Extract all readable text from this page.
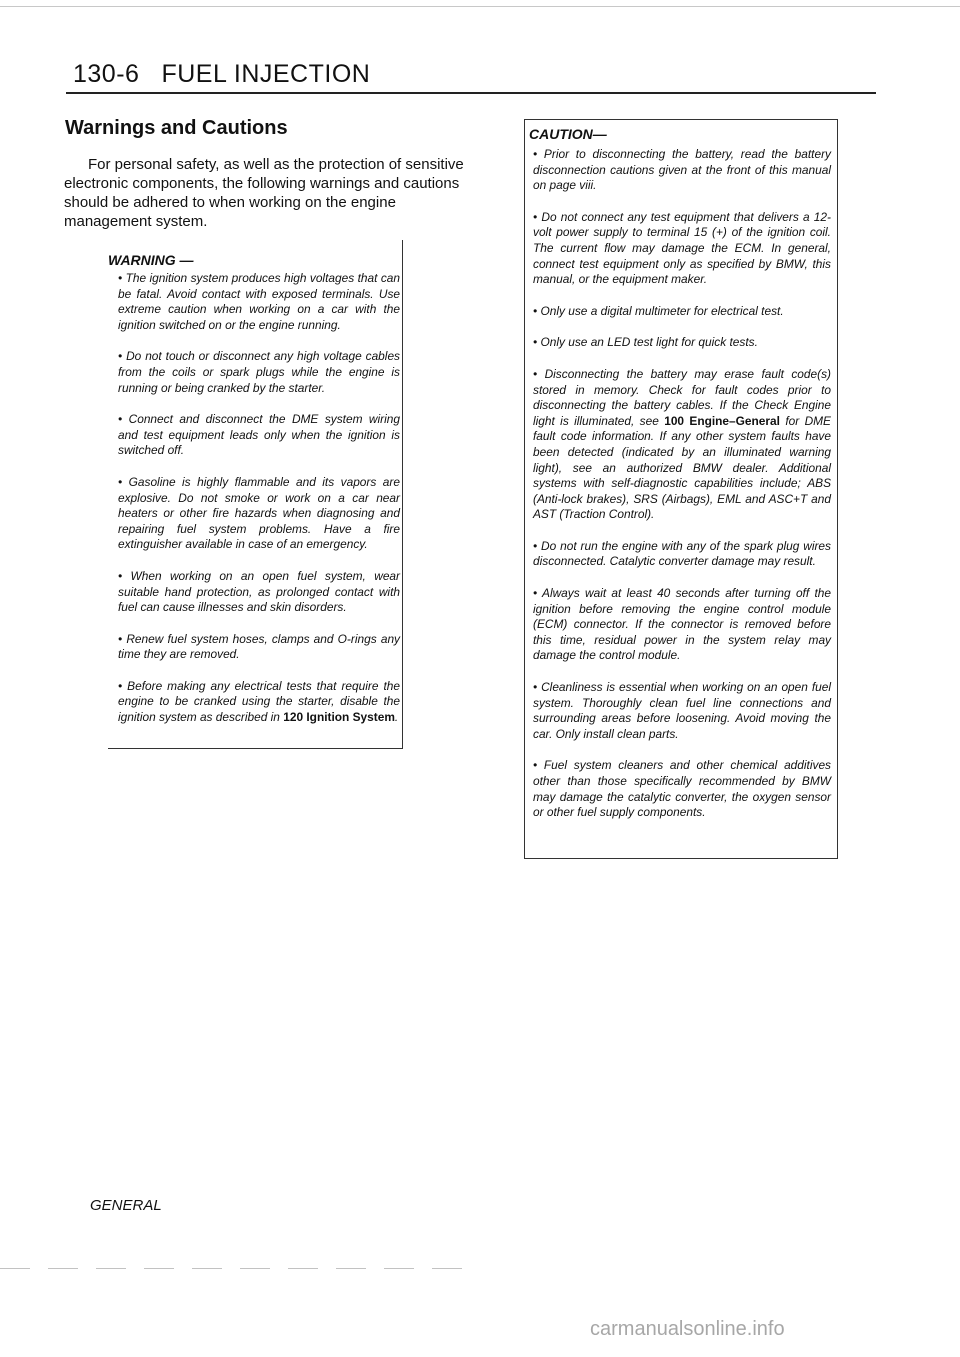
130-6 FUEL INJECTION
Warnings and Cautions
For personal safety, as well as the protection of sensitive electronic components, the following warnings and cautions should be adhered to when working on the engine management system.
WARNING —
• The ignition system produces high voltages that can be fatal. Avoid contact with exposed terminals. Use extreme caution when working on a car with the ignition switched on or the engine running.
• Do not touch or disconnect any high voltage cables from the coils or spark plugs while the engine is running or being cranked by the starter.
• Connect and disconnect the DME system wiring and test equipment leads only when the ignition is switched off.
• Gasoline is highly flammable and its vapors are explosive. Do not smoke or work on a car near heaters or other fire hazards when diagnosing and repairing fuel system problems. Have a fire extinguisher available in case of an emergency.
• When working on an open fuel system, wear suitable hand protection, as prolonged contact with fuel can cause illnesses and skin disorders.
• Renew fuel system hoses, clamps and O-rings any time they are removed.
• Before making any electrical tests that require the engine to be cranked using the starter, disable the ignition system as described in 120 Ignition System.
CAUTION—
• Prior to disconnecting the battery, read the battery disconnection cautions given at the front of this manual on page viii.
• Do not connect any test equipment that delivers a 12-volt power supply to terminal 15 (+) of the ignition coil. The current flow may damage the ECM. In general, connect test equipment only as specified by BMW, this manual, or the equipment maker.
• Only use a digital multimeter for electrical test.
• Only use an LED test light for quick tests.
• Disconnecting the battery may erase fault code(s) stored in memory. Check for fault codes prior to disconnecting the battery cables. If the Check Engine light is illuminated, see 100 Engine–General for DME fault code information. If any other system faults have been detected (indicated by an illuminated warning light), see an authorized BMW dealer. Additional systems with self-diagnostic capabilities include; ABS (Anti-lock brakes), SRS (Airbags), EML and ASC+T and AST (Traction Control).
• Do not run the engine with any of the spark plug wires disconnected. Catalytic converter damage may result.
• Always wait at least 40 seconds after turning off the ignition before removing the engine control module (ECM) connector. If the connector is removed before this time, residual power in the system relay may damage the control module.
• Cleanliness is essential when working on an open fuel system. Thoroughly clean fuel line connections and surrounding areas before loosening. Avoid moving the car. Only install clean parts.
• Fuel system cleaners and other chemical additives other than those specifically recommended by BMW may damage the catalytic converter, the oxygen sensor or other fuel supply components.
GENERAL
carmanualsonline.info
